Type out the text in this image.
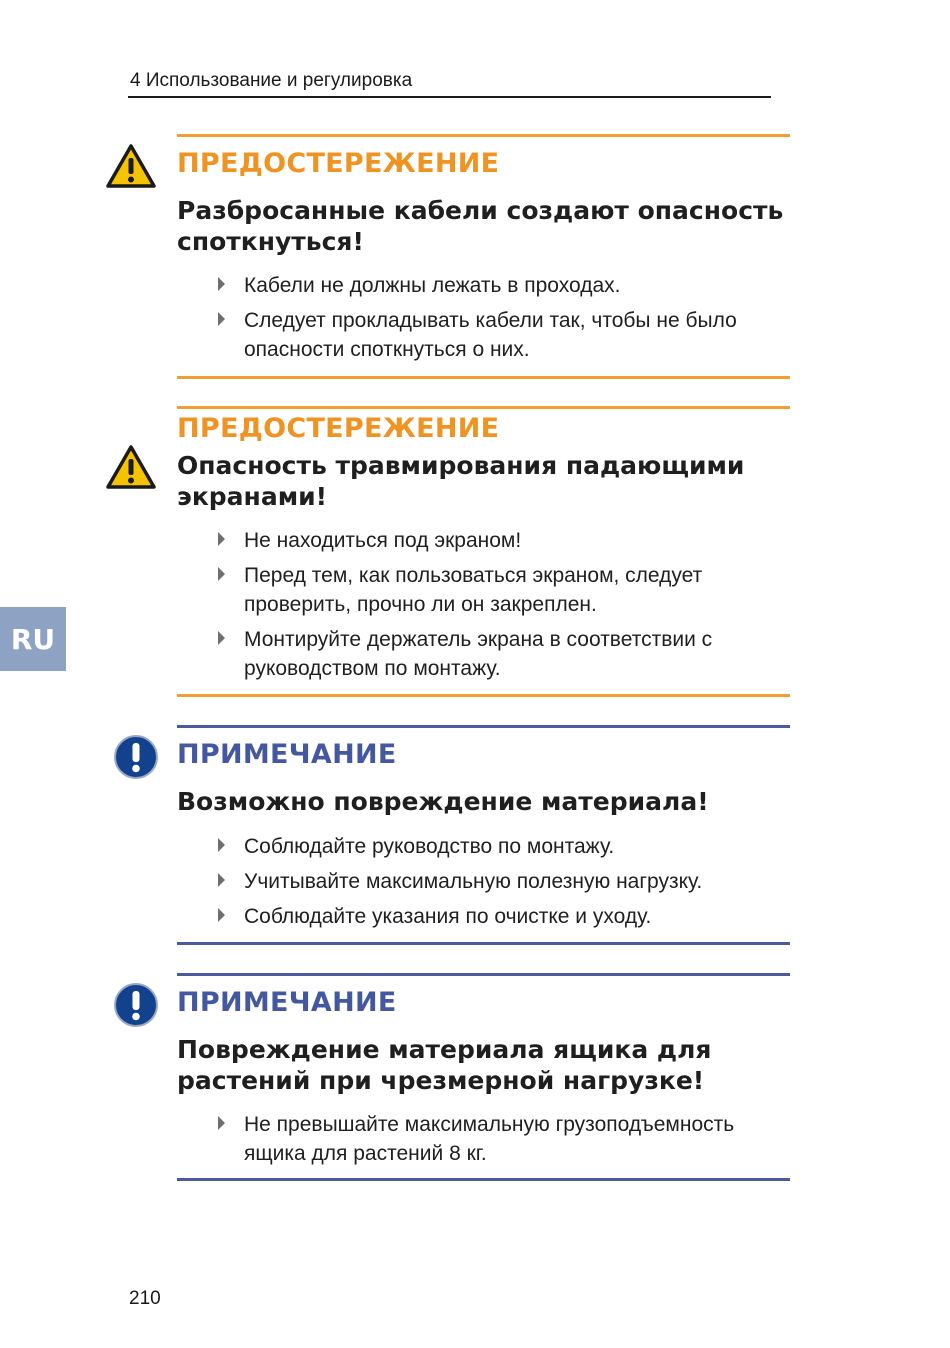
4 Использование и регулировка
RU
ПРЕДОСТЕРЕЖЕНИЕ
Разбросанные кабели создают опасность споткнуться!
Кабели не должны лежать в проходах.
Следует прокладывать кабели так, чтобы не было опасности споткнуться о них.
ПРЕДОСТЕРЕЖЕНИЕ
Опасность травмирования падающими экранами!
Не находиться под экраном!
Перед тем, как пользоваться экраном, следует проверить, прочно ли он закреплен.
Монтируйте держатель экрана в соответствии с руководством по монтажу.
ПРИМЕЧАНИЕ
Возможно повреждение материала!
Соблюдайте руководство по монтажу.
Учитывайте максимальную полезную нагрузку.
Соблюдайте указания по очистке и уходу.
ПРИМЕЧАНИЕ
Повреждение материала ящика для растений при чрезмерной нагрузке!
Не превышайте максимальную грузоподъемность ящика для растений 8 кг.
210
